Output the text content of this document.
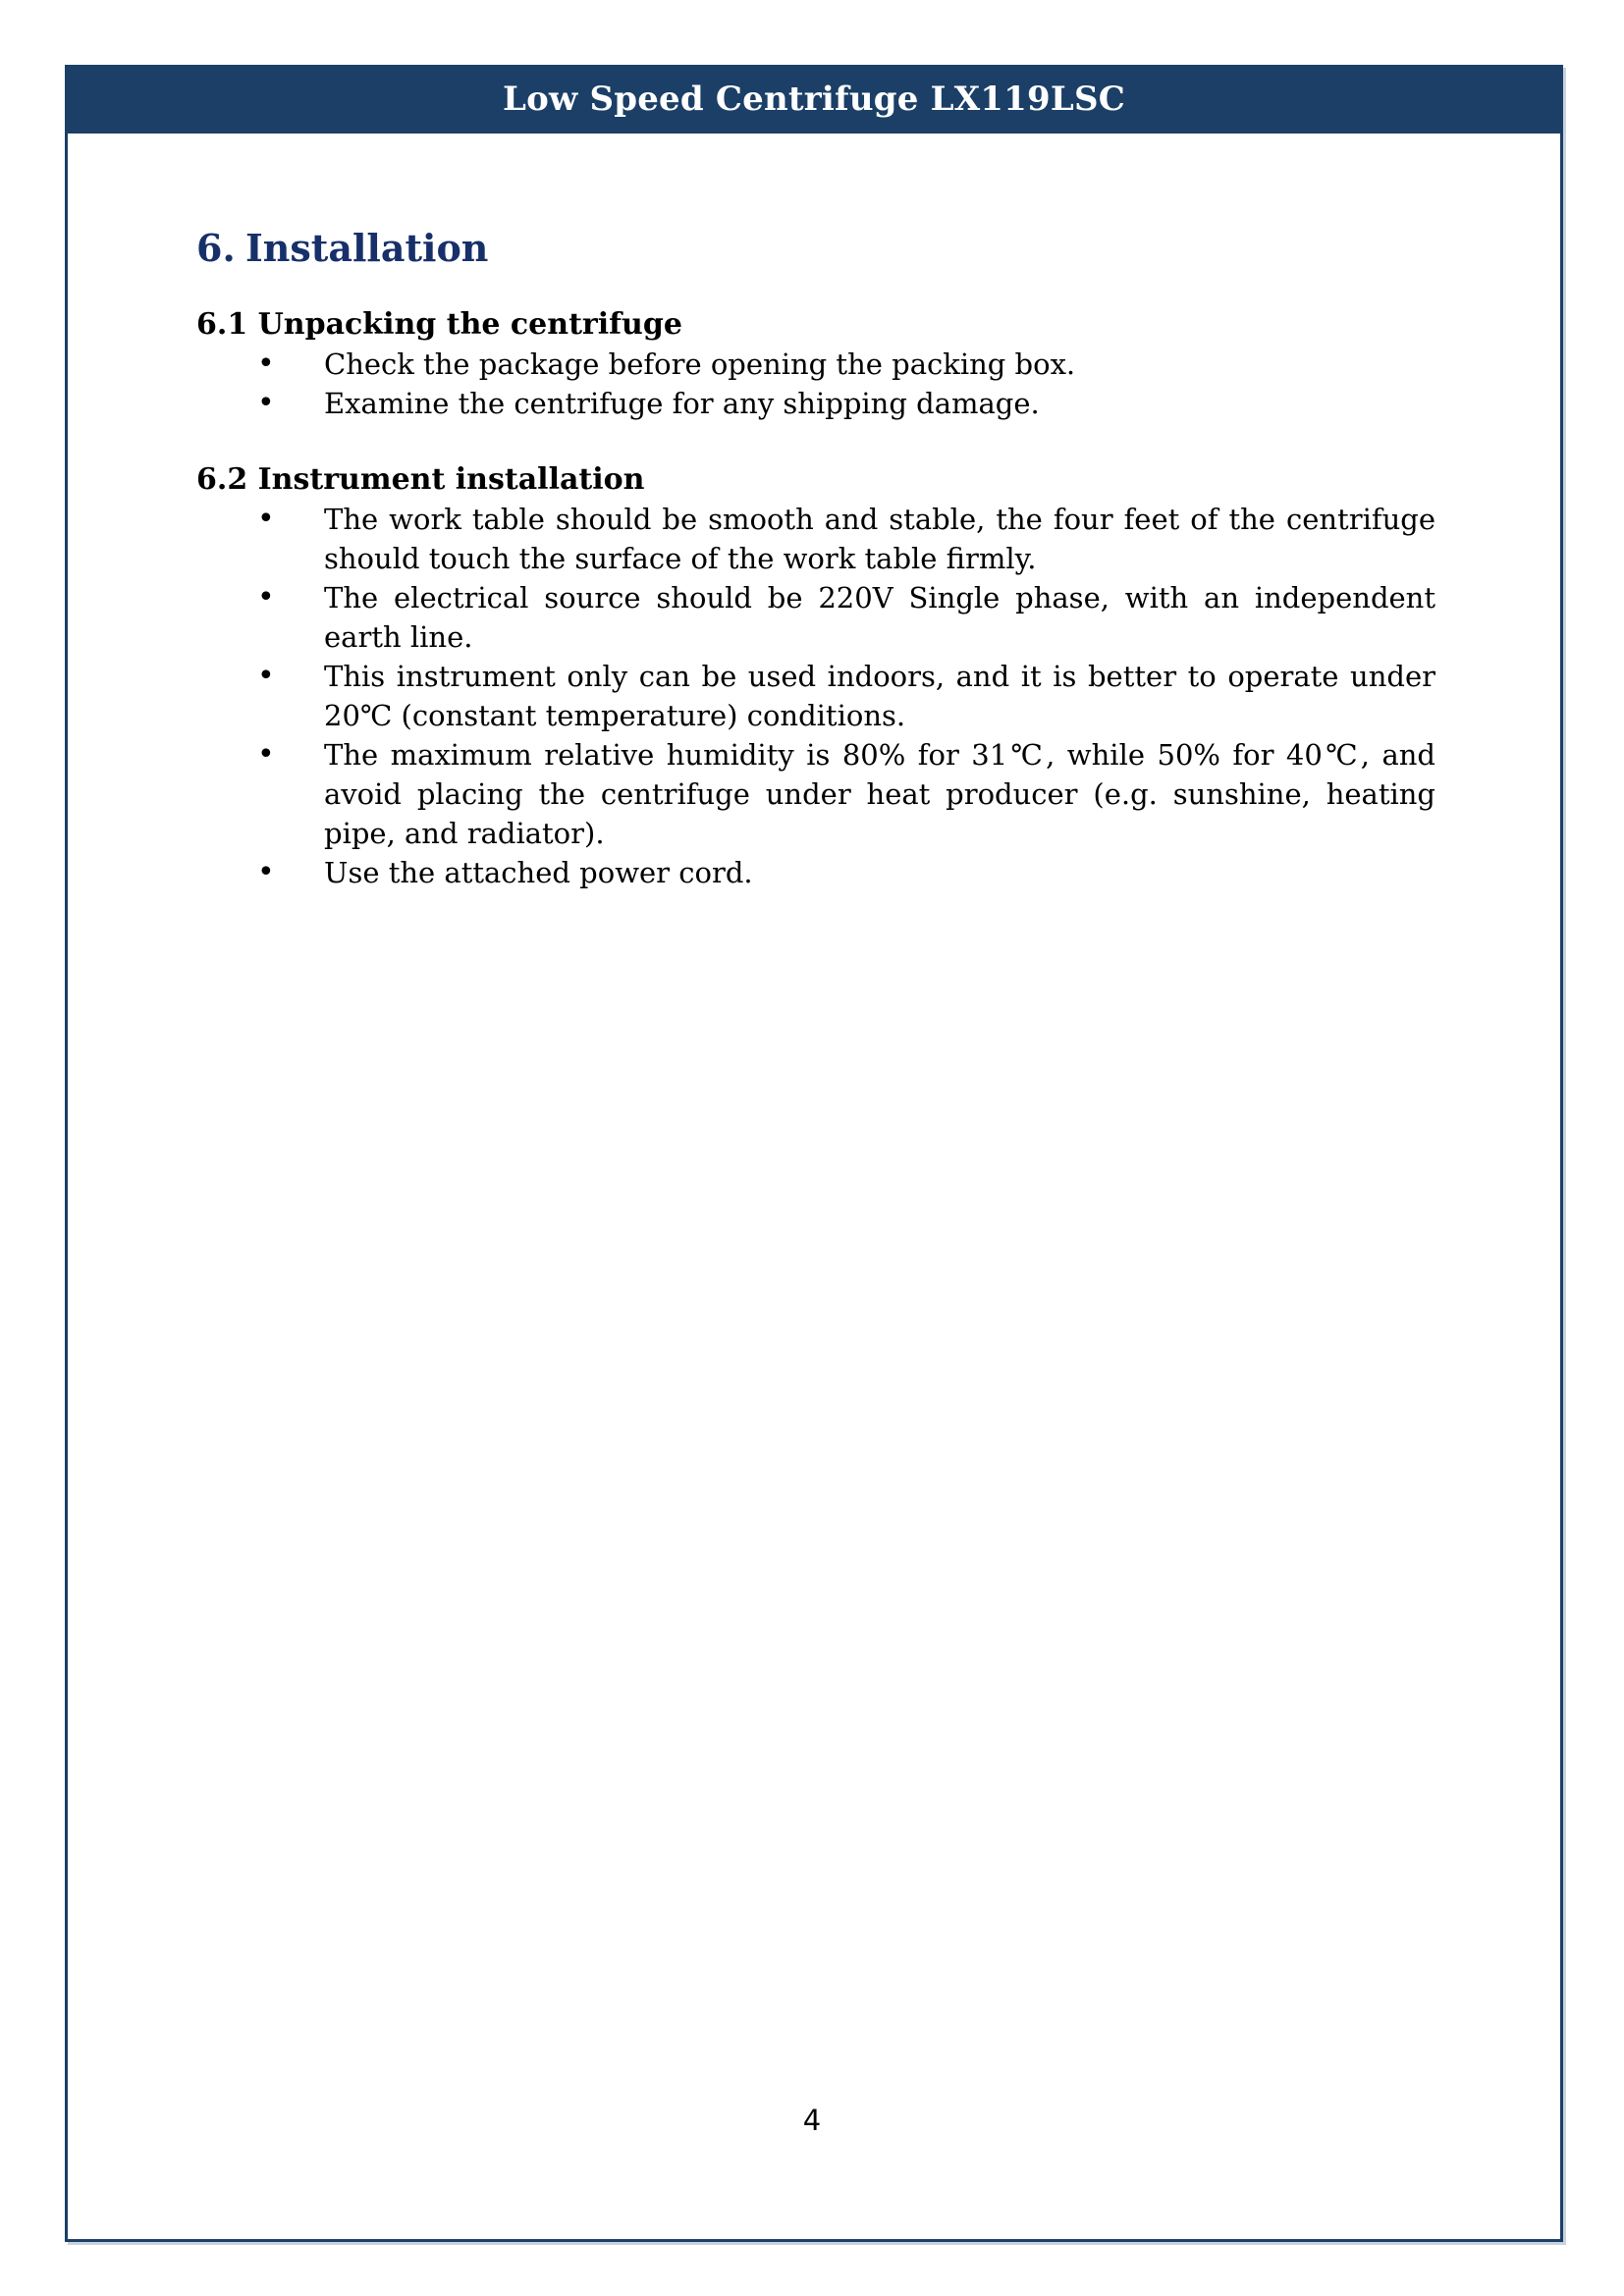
Low Speed Centrifuge LX119LSC
6. Installation
6.1 Unpacking the centrifuge
• Check the package before opening the packing box.
• Examine the centrifuge for any shipping damage.
6.2 Instrument installation
• The work table should be smooth and stable, the four feet of the centrifuge should touch the surface of the work table firmly.
• The electrical source should be 220V Single phase, with an independent earth line.
• This instrument only can be used indoors, and it is better to operate under 20℃ (constant temperature) conditions.
• The maximum relative humidity is 80% for 31℃, while 50% for 40℃, and avoid placing the centrifuge under heat producer (e.g. sunshine, heating pipe, and radiator).
• Use the attached power cord.
4
